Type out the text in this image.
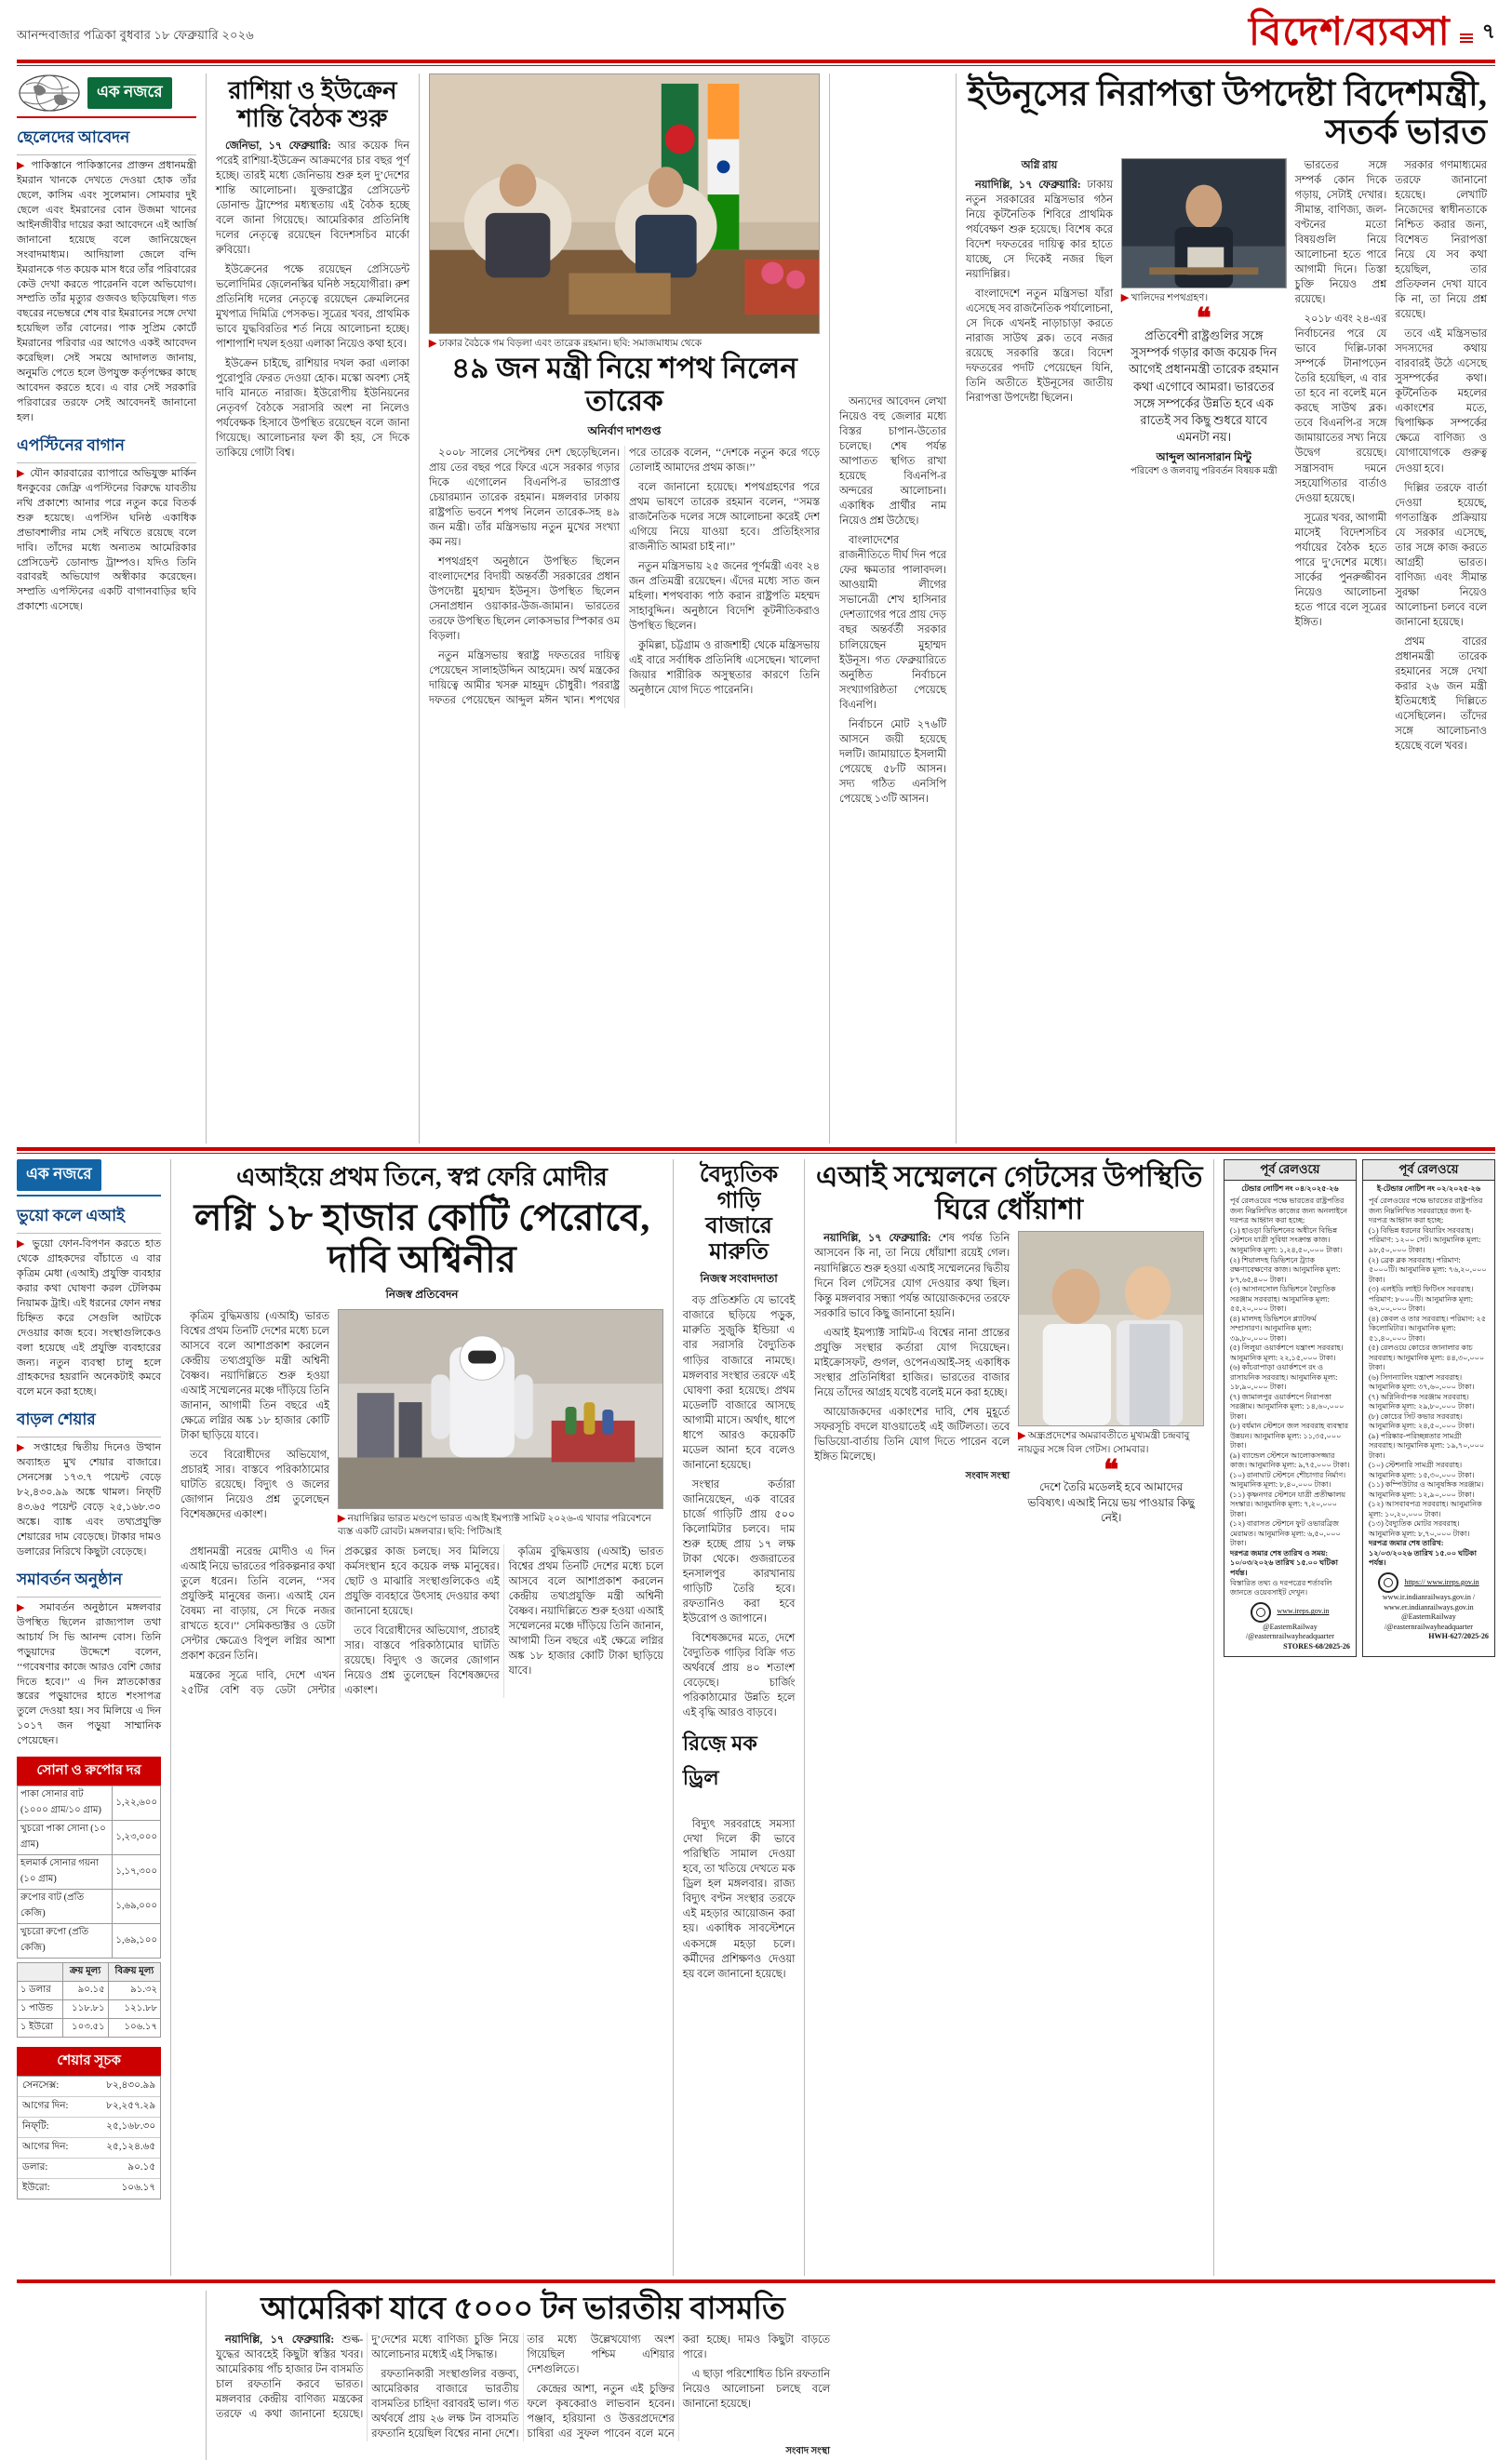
আনন্দবাজার পত্রিকা বুধবার ১৮ ফেব্রুয়ারি ২০২৬	বিদেশ/ব্যবসা ৭
এক নজরে
ছেলেদের আবেদন
▶ পাকিস্তানে পাকিস্তানের প্রাক্তন প্রধানমন্ত্রী ইমরান খানকে দেখতে দেওয়া হোক তাঁর ছেলে, কাসিম এবং সুলেমান। সোমবার দুই ছেলে এবং ইমরানের বোন উজমা খানের আইনজীবীর দায়ের করা আবেদনে এই আর্জি জানানো হয়েছে বলে জানিয়েছেন সংবাদমাধ্যম। আদিয়ালা জেলে বন্দি ইমরানকে গত কয়েক মাস ধরে তাঁর পরিবারের কেউ দেখা করতে পারেননি বলে অভিযোগ। সম্প্রতি তাঁর মৃত্যুর গুজবও ছড়িয়েছিল। গত বছরের নভেম্বরে শেষ বার ইমরানের সঙ্গে দেখা হয়েছিল তাঁর বোনের। পাক সুপ্রিম কোর্টে ইমরানের পরিবার এর আগেও একই আবেদন করেছিল। সেই সময়ে আদালত জানায়, অনুমতি পেতে হলে উপযুক্ত কর্তৃপক্ষের কাছে আবেদন করতে হবে। এ বার সেই সরকারি পরিবারের তরফে সেই আবেদনই জানানো হল।
এপস্টিনের বাগান
▶ যৌন কারবারের ব্যাপারে অভিযুক্ত মার্কিন ধনকুবের জেফ্রি এপস্টিনের বিরুদ্ধে যাবতীয় নথি প্রকাশ্যে আনার পরে নতুন করে বিতর্ক শুরু হয়েছে। এপস্টিন ঘনিষ্ঠ একাধিক প্রভাবশালীর নাম সেই নথিতে রয়েছে বলে দাবি। তাঁদের মধ্যে অন্যতম আমেরিকার প্রেসিডেন্ট ডোনাল্ড ট্রাম্পও। যদিও তিনি বরাবরই অভিযোগ অস্বীকার করেছেন। সম্প্রতি এপস্টিনের একটি বাগানবাড়ির ছবি প্রকাশ্যে এসেছে।
রাশিয়া ও ইউক্রেন শান্তি বৈঠক শুরু

জেনিভা, ১৭ ফেব্রুয়ারি: আর কয়েক দিন পরেই রাশিয়া-ইউক্রেন আক্রমণের চার বছর পূর্ণ হচ্ছে। তারই মধ্যে জেনিভায় শুরু হল দু’দেশের শান্তি আলোচনা। যুক্তরাষ্ট্রের প্রেসিডেন্ট ডোনাল্ড ট্রাম্পের মধ্যস্থতায় এই বৈঠক হচ্ছে বলে জানা গিয়েছে। আমেরিকার প্রতিনিধি দলের নেতৃত্বে রয়েছেন বিদেশসচিব মার্কো রুবিয়ো।

ইউক্রেনের পক্ষে রয়েছেন প্রেসিডেন্ট ভলোদিমির জ়েলেনস্কির ঘনিষ্ঠ সহযোগীরা। রুশ প্রতিনিধি দলের নেতৃত্বে রয়েছেন ক্রেমলিনের মুখপাত্র দিমিত্রি পেসকভ। সূত্রের খবর, প্রাথমিক ভাবে যুদ্ধবিরতির শর্ত নিয়ে আলোচনা হচ্ছে। পাশাপাশি দখল হওয়া এলাকা নিয়েও কথা হবে।

ইউক্রেন চাইছে, রাশিয়ার দখল করা এলাকা পুরোপুরি ফেরত দেওয়া হোক। মস্কো অবশ্য সেই দাবি মানতে নারাজ। ইউরোপীয় ইউনিয়নের নেতৃবর্গ বৈঠকে সরাসরি অংশ না নিলেও পর্যবেক্ষক হিসাবে উপস্থিত রয়েছেন বলে জানা গিয়েছে। আলোচনার ফল কী হয়, সে দিকে তাকিয়ে গোটা বিশ্ব।

▶ ঢাকার বৈঠকে গম বিড়লা এবং তারেক রহমান। ছবি: সমাজমাধ্যম থেকে
৪৯ জন মন্ত্রী নিয়ে শপথ নিলেন তারেক
অনির্বাণ দাশগুপ্ত

২০০৮ সালের সেপ্টেম্বর দেশ ছেড়েছিলেন। প্রায় তের বছর পরে ফিরে এসে সরকার গড়ার দিকে এগোলেন বিএনপি-র ভারপ্রাপ্ত চেয়ারম্যান তারেক রহমান। মঙ্গলবার ঢাকায় রাষ্ট্রপতি ভবনে শপথ নিলেন তারেক-সহ ৪৯ জন মন্ত্রী। তাঁর মন্ত্রিসভায় নতুন মুখের সংখ্যা কম নয়।

শপথগ্রহণ অনুষ্ঠানে উপস্থিত ছিলেন বাংলাদেশের বিদায়ী অন্তর্বর্তী সরকারের প্রধান উপদেষ্টা মুহাম্মদ ইউনূস। উপস্থিত ছিলেন সেনাপ্রধান ওয়াকার-উজ-জামান। ভারতের তরফে উপস্থিত ছিলেন লোকসভার স্পিকার ওম বিড়লা।

নতুন মন্ত্রিসভায় স্বরাষ্ট্র দফতরের দায়িত্ব পেয়েছেন সালাহউদ্দিন আহমেদ। অর্থ মন্ত্রকের দায়িত্বে আমীর খসরু মাহমুদ চৌধুরী। পররাষ্ট্র দফতর পেয়েছেন আব্দুল মঈন খান। শপথের পরে তারেক বলেন, ‘‘দেশকে নতুন করে গড়ে তোলাই আমাদের প্রথম কাজ।’’

বলে জানানো হয়েছে। শপথগ্রহণের পরে প্রথম ভাষণে তারেক রহমান বলেন, ‘‘সমস্ত রাজনৈতিক দলের সঙ্গে আলোচনা করেই দেশ এগিয়ে নিয়ে যাওয়া হবে। প্রতিহিংসার রাজনীতি আমরা চাই না।’’

নতুন মন্ত্রিসভায় ২৫ জনের পূর্ণমন্ত্রী এবং ২৪ জন প্রতিমন্ত্রী রয়েছেন। এঁদের মধ্যে সাত জন মহিলা। শপথবাক্য পাঠ করান রাষ্ট্রপতি মহম্মদ সাহাবুদ্দিন। অনুষ্ঠানে বিদেশি কূটনীতিকরাও উপস্থিত ছিলেন।

কুমিল্লা, চট্টগ্রাম ও রাজশাহী থেকে মন্ত্রিসভায় এই বারে সর্বাধিক প্রতিনিধি এসেছেন। খালেদা জিয়ার শারীরিক অসুস্থতার কারণে তিনি অনুষ্ঠানে যোগ দিতে পারেননি।

অন্যদের আবেদন লেখা নিয়েও বহু জেলার মধ্যে বিস্তর চাপান-উতোর চলেছে। শেষ পর্যন্ত আপাতত স্থগিত রাখা হয়েছে বিএনপি-র অন্দরের আলোচনা। একাধিক প্রার্থীর নাম নিয়েও প্রশ্ন উঠেছে।

বাংলাদেশের রাজনীতিতে দীর্ঘ দিন পরে ফের ক্ষমতার পালাবদল। আওয়ামী লীগের সভানেত্রী শেখ হাসিনার দেশত্যাগের পরে প্রায় দেড় বছর অন্তর্বর্তী সরকার চালিয়েছেন মুহাম্মদ ইউনূস। গত ফেব্রুয়ারিতে অনুষ্ঠিত নির্বাচনে সংখ্যাগরিষ্ঠতা পেয়েছে বিএনপি।

নির্বাচনে মোট ২৭৬টি আসনে জয়ী হয়েছে দলটি। জামায়াতে ইসলামী পেয়েছে ৫৮টি আসন। সদ্য গঠিত এনসিপি পেয়েছে ১৩টি আসন।

ইউনূসের নিরাপত্তা উপদেষ্টা বিদেশমন্ত্রী, সতর্ক ভারত

অগ্নি রায়

নয়াদিল্লি, ১৭ ফেব্রুয়ারি: ঢাকায় নতুন সরকারের মন্ত্রিসভার গঠন নিয়ে কূটনৈতিক শিবিরে প্রাথমিক পর্যবেক্ষণ শুরু হয়েছে। বিশেষ করে বিদেশ দফতরের দায়িত্ব কার হাতে যাচ্ছে, সে দিকেই নজর ছিল নয়াদিল্লির।

বাংলাদেশে নতুন মন্ত্রিসভা যাঁরা এসেছে সব রাজনৈতিক পর্যালোচনা, সে দিকে এখনই নাড়াচাড়া করতে নারাজ সাউথ ব্লক। তবে নজর রয়েছে সরকারি স্তরে। বিদেশ দফতরের পদটি পেয়েছেন যিনি, তিনি অতীতে ইউনূসের জাতীয় নিরাপত্তা উপদেষ্টা ছিলেন।

▶ খালিদের শপথগ্রহণ।
❝
প্রতিবেশী রাষ্ট্রগুলির সঙ্গে সুসম্পর্ক গড়ার কাজ কয়েক দিন আগেই প্রধানমন্ত্রী তারেক রহমান কথা এগোবে আমরা। ভারতের সঙ্গে সম্পর্কের উন্নতি হবে এক রাতেই সব কিছু শুধরে যাবে এমনটা নয়।
আব্দুল আনসারান মিন্টু
পরিবেশ ও জলবায়ু পরিবর্তন বিষয়ক মন্ত্রী

ভারতের সঙ্গে সম্পর্ক কোন দিকে গড়ায়, সেটাই দেখার। সীমান্ত, বাণিজ্য, জল-বণ্টনের মতো বিষয়গুলি নিয়ে আলোচনা হতে পারে আগামী দিনে। তিস্তা চুক্তি নিয়েও প্রশ্ন রয়েছে।

২০১৮ এবং ২৪-এর নির্বাচনের পরে যে ভাবে দিল্লি-ঢাকা সম্পর্কে টানাপড়েন তৈরি হয়েছিল, এ বার তা হবে না বলেই মনে করছে সাউথ ব্লক। তবে বিএনপি-র সঙ্গে জামায়াতের সখ্য নিয়ে উদ্বেগ রয়েছে। সন্ত্রাসবাদ দমনে সহযোগিতার বার্তাও দেওয়া হয়েছে।

সূত্রের খবর, আগামী মাসেই বিদেশসচিব পর্যায়ের বৈঠক হতে পারে দু’দেশের মধ্যে। সার্কের পুনরুজ্জীবন নিয়েও আলোচনা হতে পারে বলে সূত্রের ইঙ্গিত।

সরকার গণমাধ্যমের তরফে জানানো হয়েছে। লেখাটি নিজেদের স্বাধীনতাকে নিশ্চিত করার জন্য, বিশেষত নিরাপত্তা নিয়ে যে সব কথা হয়েছিল, তার প্রতিফলন দেখা যাবে কি না, তা নিয়ে প্রশ্ন রয়েছে।

তবে এই মন্ত্রিসভার সদস্যদের কথায় বারবারই উঠে এসেছে সুসম্পর্কের কথা। কূটনৈতিক মহলের একাংশের মতে, দ্বিপাক্ষিক সম্পর্কের ক্ষেত্রে বাণিজ্য ও যোগাযোগকে গুরুত্ব দেওয়া হবে।

দিল্লির তরফে বার্তা দেওয়া হয়েছে, গণতান্ত্রিক প্রক্রিয়ায় যে সরকার এসেছে, তার সঙ্গে কাজ করতে আগ্রহী ভারত। বাণিজ্য এবং সীমান্ত সুরক্ষা নিয়েও আলোচনা চলবে বলে জানানো হয়েছে।

প্রথম বারের প্রধানমন্ত্রী তারেক রহমানের সঙ্গে দেখা করার ২৬ জন মন্ত্রী ইতিমধ্যেই দিল্লিতে এসেছিলেন। তাঁদের সঙ্গে আলোচনাও হয়েছে বলে খবর।

এক নজরে
ভুয়ো কলে এআই
▶ ভুয়ো ফোন-বিপণন করতে হাত থেকে গ্রাহকদের বাঁচাতে এ বার কৃত্রিম মেধা (এআই) প্রযুক্তি ব্যবহার করার কথা ঘোষণা করল টেলিকম নিয়ামক ট্রাই। এই ধরনের ফোন নম্বর চিহ্নিত করে সেগুলি আটকে দেওয়ার কাজ হবে। সংস্থাগুলিকেও বলা হয়েছে এই প্রযুক্তি ব্যবহারের জন্য। নতুন ব্যবস্থা চালু হলে গ্রাহকদের হয়রানি অনেকটাই কমবে বলে মনে করা হচ্ছে।
বাড়ল শেয়ার
▶ সপ্তাহের দ্বিতীয় দিনেও উত্থান অব্যাহত মুখ শেয়ার বাজারে। সেনসেক্স ১৭৩.৭ পয়েন্ট বেড়ে ৮২,৪৩০.৯৯ অঙ্কে থামল। নিফ্‌টি ৪৩.৬৫ পয়েন্ট বেড়ে ২৫,১৬৮.৩০ অঙ্কে। ব্যাঙ্ক এবং তথ্যপ্রযুক্তি শেয়ারের দাম বেড়েছে। টাকার দামও ডলারের নিরিখে কিছুটা বেড়েছে।
সমাবর্তন অনুষ্ঠান
▶ সমাবর্তন অনুষ্ঠানে মঙ্গলবার উপস্থিত ছিলেন রাজ্যপাল তথা আচার্য সি ভি আনন্দ বোস। তিনি পড়ুয়াদের উদ্দেশে বলেন, ‘‘গবেষণার কাজে আরও বেশি জোর দিতে হবে।’’ এ দিন স্নাতকোত্তর স্তরের পড়ুয়াদের হাতে শংসাপত্র তুলে দেওয়া হয়। সব মিলিয়ে এ দিন ১০১৭ জন পড়ুয়া সাম্মানিক পেয়েছেন।
সোনা ও রুপোর দর
পাকা সোনার বাট (১০০০ গ্রাম/১০ গ্রাম)	১,২২,৬০০
খুচরো পাকা সোনা (১০ গ্রাম)	১,২৩,০০০
হলমার্ক সোনার গয়না (১০ গ্রাম)	১,১৭,৩০০
রুপোর বাট (প্রতি কেজি)	১,৬৯,০০০
খুচরো রুপো (প্রতি কেজি)	১,৬৯,১০০
	ক্রয় মূল্য	বিক্রয় মূল্য
১ ডলার	৯০.১৫	৯১.৩২
১ পাউন্ড	১১৮.৮১	১২১.৮৮
১ ইউরো	১০৩.৫১	১০৬.১৭
শেয়ার সূচক
সেনসেক্স:	৮২,৪৩০.৯৯
আগের দিন:	৮২,২৫৭.২৯
নিফ্‌টি:	২৫,১৬৮.৩০
আগের দিন:	২৫,১২৪.৬৫
ডলার:	৯০.১৫
ইউরো:	১০৬.১৭
এআইয়ে প্রথম তিনে, স্বপ্ন ফেরি মোদীর
লগ্নি ১৮ হাজার কোটি পেরোবে, দাবি অশ্বিনীর
নিজস্ব প্রতিবেদন

কৃত্রিম বুদ্ধিমত্তায় (এআই) ভারত বিশ্বের প্রথম তিনটি দেশের মধ্যে চলে আসবে বলে আশাপ্রকাশ করলেন কেন্দ্রীয় তথ্যপ্রযুক্তি মন্ত্রী অশ্বিনী বৈষ্ণব। নয়াদিল্লিতে শুরু হওয়া এআই সম্মেলনের মঞ্চে দাঁড়িয়ে তিনি জানান, আগামী তিন বছরে এই ক্ষেত্রে লগ্নির অঙ্ক ১৮ হাজার কোটি টাকা ছাড়িয়ে যাবে।

তবে বিরোধীদের অভিযোগ, প্রচারই সার। বাস্তবে পরিকাঠামোর ঘাটতি রয়েছে। বিদ্যুৎ ও জলের জোগান নিয়েও প্রশ্ন তুলেছেন বিশেষজ্ঞদের একাংশ।	▶ নয়াদিল্লির ভারত মণ্ডপে ভারত এআই ইমপ্যাক্ট সামিট ২০২৬-এ খাবার পরিবেশনে ব্যস্ত একটি রোবট। মঙ্গলবার। ছবি: পিটিআই

প্রধানমন্ত্রী নরেন্দ্র মোদীও এ দিন এআই নিয়ে ভারতের পরিকল্পনার কথা তুলে ধরেন। তিনি বলেন, ‘‘সব প্রযুক্তিই মানুষের জন্য। এআই যেন বৈষম্য না বাড়ায়, সে দিকে নজর রাখতে হবে।’’ সেমিকন্ডাক্টর ও ডেটা সেন্টার ক্ষেত্রেও বিপুল লগ্নির আশা প্রকাশ করেন তিনি।

মন্ত্রকের সূত্রে দাবি, দেশে এখন ২৫টির বেশি বড় ডেটা সেন্টার প্রকল্পের কাজ চলছে। সব মিলিয়ে কর্মসংস্থান হবে কয়েক লক্ষ মানুষের। ছোট ও মাঝারি সংস্থাগুলিকেও এই প্রযুক্তি ব্যবহারে উৎসাহ দেওয়ার কথা জানানো হয়েছে।

তবে বিরোধীদের অভিযোগ, প্রচারই সার। বাস্তবে পরিকাঠামোর ঘাটতি রয়েছে। বিদ্যুৎ ও জলের জোগান নিয়েও প্রশ্ন তুলেছেন বিশেষজ্ঞদের একাংশ।

কৃত্রিম বুদ্ধিমত্তায় (এআই) ভারত বিশ্বের প্রথম তিনটি দেশের মধ্যে চলে আসবে বলে আশাপ্রকাশ করলেন কেন্দ্রীয় তথ্যপ্রযুক্তি মন্ত্রী অশ্বিনী বৈষ্ণব। নয়াদিল্লিতে শুরু হওয়া এআই সম্মেলনের মঞ্চে দাঁড়িয়ে তিনি জানান, আগামী তিন বছরে এই ক্ষেত্রে লগ্নির অঙ্ক ১৮ হাজার কোটি টাকা ছাড়িয়ে যাবে।

বৈদ্যুতিক গাড়ি বাজারে মারুতি
নিজস্ব সংবাদদাতা

বড় প্রতিশ্রুতি যে ভাবেই বাজারে ছড়িয়ে পড়ুক, মারুতি সুজ়ুকি ইন্ডিয়া এ বার সরাসরি বৈদ্যুতিক গাড়ির বাজারে নামছে। মঙ্গলবার সংস্থার তরফে এই ঘোষণা করা হয়েছে। প্রথম মডেলটি বাজারে আসছে আগামী মাসে। অর্থাৎ, ধাপে ধাপে আরও কয়েকটি মডেল আনা হবে বলেও জানানো হয়েছে।

সংস্থার কর্তারা জানিয়েছেন, এক বারের চার্জে গাড়িটি প্রায় ৫০০ কিলোমিটার চলবে। দাম শুরু হচ্ছে প্রায় ১৭ লক্ষ টাকা থেকে। গুজরাতের হনসালপুর কারখানায় গাড়িটি তৈরি হবে। রফতানিও করা হবে ইউরোপ ও জাপানে।

বিশেষজ্ঞদের মতে, দেশে বৈদ্যুতিক গাড়ির বিক্রি গত অর্থবর্ষে প্রায় ৪০ শতাংশ বেড়েছে। চার্জিং পরিকাঠামোর উন্নতি হলে এই বৃদ্ধি আরও বাড়বে।

রিজ়ে মক ড্রিল

বিদ্যুৎ সরবরাহে সমস্যা দেখা দিলে কী ভাবে পরিস্থিতি সামাল দেওয়া হবে, তা খতিয়ে দেখতে মক ড্রিল হল মঙ্গলবার। রাজ্য বিদ্যুৎ বণ্টন সংস্থার তরফে এই মহড়ার আয়োজন করা হয়। একাধিক সাবস্টেশনে একসঙ্গে মহড়া চলে। কর্মীদের প্রশিক্ষণও দেওয়া হয় বলে জানানো হয়েছে।

এআই সম্মেলনে গেটসের উপস্থিতি ঘিরে ধোঁয়াশা

নয়াদিল্লি, ১৭ ফেব্রুয়ারি: শেষ পর্যন্ত তিনি আসবেন কি না, তা নিয়ে ধোঁয়াশা রয়েই গেল। নয়াদিল্লিতে শুরু হওয়া এআই সম্মেলনের দ্বিতীয় দিনে বিল গেটসের যোগ দেওয়ার কথা ছিল। কিন্তু মঙ্গলবার সন্ধ্যা পর্যন্ত আয়োজকদের তরফে সরকারি ভাবে কিছু জানানো হয়নি।

এআই ইমপ্যাক্ট সামিট-এ বিশ্বের নানা প্রান্তের প্রযুক্তি সংস্থার কর্তারা যোগ দিয়েছেন। মাইক্রোসফট, গুগল, ওপেনএআই-সহ একাধিক সংস্থার প্রতিনিধিরা হাজির। ভারতের বাজার নিয়ে তাঁদের আগ্রহ যথেষ্ট বলেই মনে করা হচ্ছে।

আয়োজকদের একাংশের দাবি, শেষ মুহূর্তে সফরসূচি বদলে যাওয়াতেই এই জটিলতা। তবে ভিডিয়ো-বার্তায় তিনি যোগ দিতে পারেন বলে ইঙ্গিত মিলেছে।

সংবাদ সংস্থা
▶ অন্ধ্রপ্রদেশের অমরাবতীতে মুখ্যমন্ত্রী চন্দ্রবাবু নায়ডুর সঙ্গে বিল গেটস। সোমবার।
❝
দেশে তৈরি মডেলই হবে আমাদের ভবিষ্যৎ। এআই নিয়ে ভয় পাওয়ার কিছু নেই।
পূর্ব রেলওয়ে
টেন্ডার নোটিশ নং ০৪/২০২৫-২৬
পূর্ব রেলওয়ের পক্ষে ভারতের রাষ্ট্রপতির জন্য নিম্নলিখিত কাজের জন্য অনলাইনে দরপত্র আহ্বান করা হচ্ছে:
(১) হাওড়া ডিভিশনের অধীনে বিভিন্ন স্টেশনে যাত্রী সুবিধা সংক্রান্ত কাজ। আনুমানিক মূল্য: ১,২৪,৫০,০০০ টাকা।
(২) শিয়ালদহ ডিভিশনে ট্র্যাক রক্ষণাবেক্ষণের কাজ। আনুমানিক মূল্য: ৮৭,৬৫,৪০০ টাকা।
(৩) আসানসোল ডিভিশনে বৈদ্যুতিক সরঞ্জাম সরবরাহ। আনুমানিক মূল্য: ৫৫,২০,০০০ টাকা।
(৪) মালদহ ডিভিশনে প্ল্যাটফর্ম সম্প্রসারণ। আনুমানিক মূল্য: ৩৯,৮০,০০০ টাকা।
(৫) লিলুয়া ওয়ার্কশপে যন্ত্রাংশ সরবরাহ। আনুমানিক মূল্য: ২২,১৫,০০০ টাকা।
(৬) কাঁচরাপাড়া ওয়ার্কশপে রং ও রাসায়নিক সরবরাহ। আনুমানিক মূল্য: ১৮,৯০,০০০ টাকা।
(৭) জামালপুর ওয়ার্কশপে নিরাপত্তা সরঞ্জাম। আনুমানিক মূল্য: ১৪,৬০,০০০ টাকা।
(৮) বর্ধমান স্টেশনে জল সরবরাহ ব্যবস্থার উন্নয়ন। আনুমানিক মূল্য: ১১,৩৫,০০০ টাকা।
(৯) ব্যান্ডেল স্টেশনে আলোকসজ্জার কাজ। আনুমানিক মূল্য: ৯,৭৫,০০০ টাকা।
(১০) রানাঘাট স্টেশনে শৌচাগার নির্মাণ। আনুমানিক মূল্য: ৮,৪০,০০০ টাকা।
(১১) কৃষ্ণনগর স্টেশনে যাত্রী প্রতীক্ষালয় সংস্কার। আনুমানিক মূল্য: ৭,২০,০০০ টাকা।
(১২) বারাসত স্টেশনে ফুট ওভারব্রিজ মেরামত। আনুমানিক মূল্য: ৬,৫০,০০০ টাকা।
দরপত্র জমার শেষ তারিখ ও সময়: ১০/০৩/২০২৬ তারিখ ১৫.০০ ঘটিকা পর্যন্ত।
বিস্তারিত তথ্য ও দরপত্রের শর্তাবলি জানতে ওয়েবসাইট দেখুন।
www.ireps.gov.in
@EasternRailway /@easternrailwayheadquarter
STORES-68/2025-26
পূর্ব রেলওয়ে
ই-টেন্ডার নোটিশ নং ০২/২০২৫-২৬
পূর্ব রেলওয়ের পক্ষে ভারতের রাষ্ট্রপতির জন্য নিম্নলিখিত সরবরাহের জন্য ই-দরপত্র আহ্বান করা হচ্ছে:
(১) বিভিন্ন ধরনের বিয়ারিং সরবরাহ। পরিমাণ: ১২০০ সেট। আনুমানিক মূল্য: ৯৮,৫০,০০০ টাকা।
(২) ব্রেক ব্লক সরবরাহ। পরিমাণ: ৫০০০টি। আনুমানিক মূল্য: ৭৬,২০,০০০ টাকা।
(৩) এলইডি লাইট ফিটিংস সরবরাহ। পরিমাণ: ৮০০০টি। আনুমানিক মূল্য: ৬২,০০,০০০ টাকা।
(৪) কেবল ও তার সরবরাহ। পরিমাণ: ২৫ কিলোমিটার। আনুমানিক মূল্য: ৫১,৪০,০০০ টাকা।
(৫) রেলওয়ে কোচের জানালার কাচ সরবরাহ। আনুমানিক মূল্য: ৪৪,৩০,০০০ টাকা।
(৬) সিগন্যালিং যন্ত্রাংশ সরবরাহ। আনুমানিক মূল্য: ৩৭,৬০,০০০ টাকা।
(৭) অগ্নিনির্বাপক সরঞ্জাম সরবরাহ। আনুমানিক মূল্য: ২৯,৮০,০০০ টাকা।
(৮) কোচের সিট কভার সরবরাহ। আনুমানিক মূল্য: ২৪,৫০,০০০ টাকা।
(৯) পরিষ্কার-পরিচ্ছন্নতার সামগ্রী সরবরাহ। আনুমানিক মূল্য: ১৯,৭০,০০০ টাকা।
(১০) স্টেশনারি সামগ্রী সরবরাহ। আনুমানিক মূল্য: ১৫,৩০,০০০ টাকা।
(১১) কম্পিউটার ও আনুষঙ্গিক সরঞ্জাম। আনুমানিক মূল্য: ১২,৯০,০০০ টাকা।
(১২) আসবাবপত্র সরবরাহ। আনুমানিক মূল্য: ১০,২০,০০০ টাকা।
(১৩) বৈদ্যুতিক মোটর সরবরাহ। আনুমানিক মূল্য: ৮,৭০,০০০ টাকা।
দরপত্র জমার শেষ তারিখ: ১২/০৩/২০২৬ তারিখ ১৫.০০ ঘটিকা পর্যন্ত।
https:// www.ireps.gov.in
www.ir.indianrailways.gov.in / www.er.indianrailways.gov.in
@EasternRailway /@easternrailwayheadquarter
HWH-627/2025-26
আমেরিকা যাবে ৫০০০ টন ভারতীয় বাসমতি

নয়াদিল্লি, ১৭ ফেব্রুয়ারি: শুল্ক-যুদ্ধের আবহেই কিছুটা স্বস্তির খবর। আমেরিকায় পাঁচ হাজার টন বাসমতি চাল রফতানি করবে ভারত। মঙ্গলবার কেন্দ্রীয় বাণিজ্য মন্ত্রকের তরফে এ কথা জানানো হয়েছে। দু’দেশের মধ্যে বাণিজ্য চুক্তি নিয়ে আলোচনার মধ্যেই এই সিদ্ধান্ত।

রফতানিকারী সংস্থাগুলির বক্তব্য, আমেরিকার বাজারে ভারতীয় বাসমতির চাহিদা বরাবরই ভাল। গত অর্থবর্ষে প্রায় ২৬ লক্ষ টন বাসমতি রফতানি হয়েছিল বিশ্বের নানা দেশে। তার মধ্যে উল্লেখযোগ্য অংশ গিয়েছিল পশ্চিম এশিয়ার দেশগুলিতে।

কেন্দ্রের আশা, নতুন এই চুক্তির ফলে কৃষকেরাও লাভবান হবেন। পঞ্জাব, হরিয়ানা ও উত্তরপ্রদেশের চাষিরা এর সুফল পাবেন বলে মনে করা হচ্ছে। দামও কিছুটা বাড়তে পারে।

এ ছাড়া পরিশোধিত চিনি রফতানি নিয়েও আলোচনা চলছে বলে জানানো হয়েছে।

সংবাদ সংস্থা
